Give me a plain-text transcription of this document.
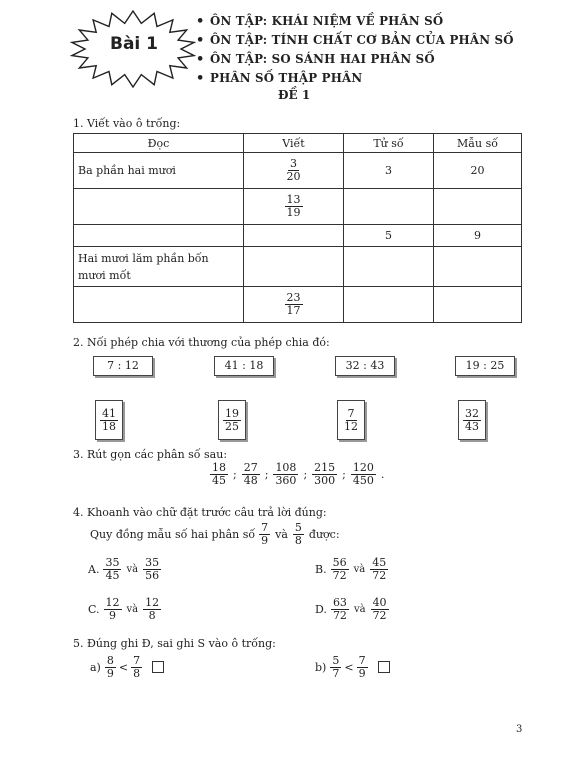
Bài 1
• ÔN TẬP: KHÁI NIỆM VỀ PHÂN SỐ
• ÔN TẬP: TÍNH CHẤT CƠ BẢN CỦA PHÂN SỐ
• ÔN TẬP: SO SÁNH HAI PHÂN SỐ
• PHÂN SỐ THẬP PHÂN
ĐỀ 1
1. Viết vào ô trống:
Đọc	Viết	Tử số	Mẫu số

Ba phần hai mươi	$\frac{3}{20}$	3	20

	$\frac{13}{19}$

		5	9

Hai mươi lăm phần bốn mươi mốt			

	$\frac{23}{17}$

2. Nối phép chia với thương của phép chia đó:
7 : 12	41 : 18	32 : 43	19 : 25
$\frac{41}{18}$	$\frac{19}{25}$	$\frac{7}{12}$	$\frac{32}{43}$
3. Rút gọn các phân số sau:
$\frac{18}{45}$ ; $\frac{27}{48}$ ; $\frac{108}{360}$ ; $\frac{215}{300}$ ; $\frac{120}{450}$ .
4. Khoanh vào chữ đặt trước câu trả lời đúng:
Quy đồng mẫu số hai phân số $\frac{7}{9}$ và $\frac{5}{8}$ được:
A. $\frac{35}{45}$ và $\frac{35}{56}$	B. $\frac{56}{72}$ và $\frac{45}{72}$
C. $\frac{12}{9}$ và $\frac{12}{8}$	D. $\frac{63}{72}$ và $\frac{40}{72}$
5. Đúng ghi Đ, sai ghi S vào ô trống:
$a) \frac{8}{9} < \frac{7}{8}$	$b) \frac{5}{7} < \frac{7}{9}$
3
